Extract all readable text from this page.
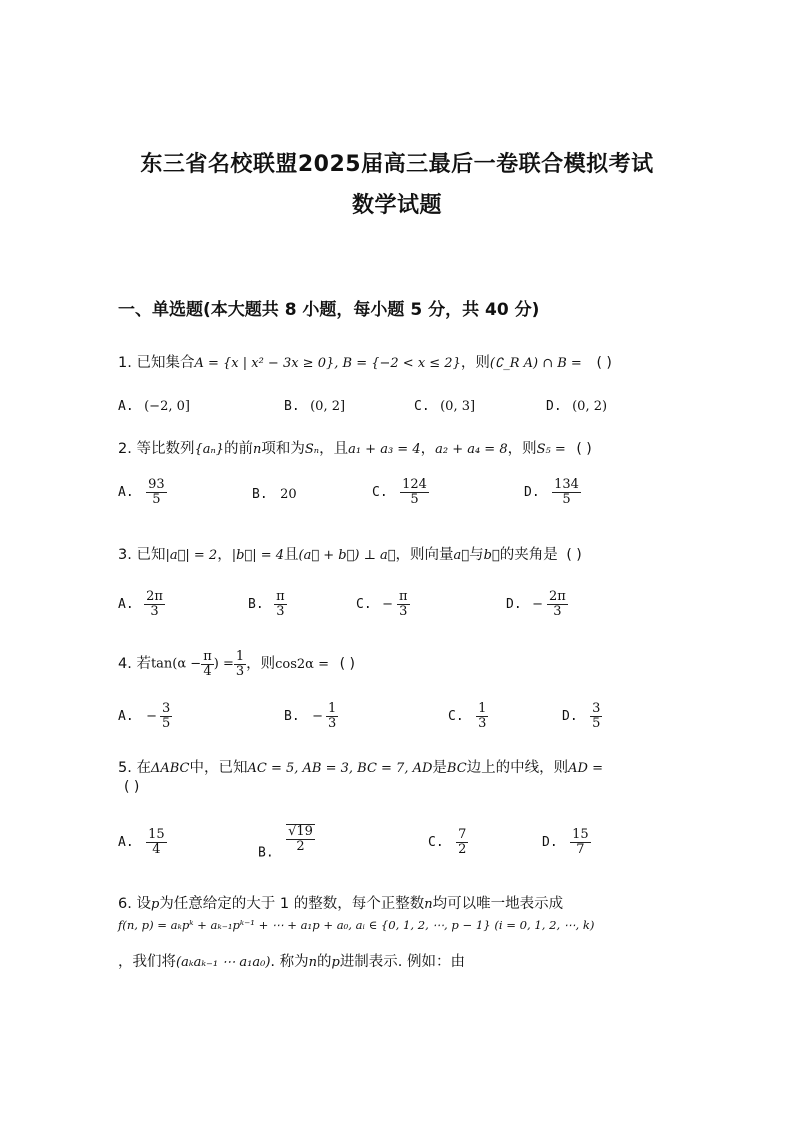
东三省名校联盟2025届高三最后一卷联合模拟考试
数学试题
一、单选题(本大题共 8 小题，每小题 5 分，共 40 分)
1. 已知集合A = {x | x² − 3x ≥ 0}, B = {−2 < x ≤ 2}，则(∁_R A) ∩ B = ( )
A. (−2, 0]	B. (0, 2]	C. (0, 3]	D. (0, 2)
2. 等比数列{aₙ}的前n项和为Sₙ，且a₁ + a₃ = 4，a₂ + a₄ = 8，则S₅ = ( )
A. $\frac{93}{5}$	B. 20	C. $\frac{124}{5}$	D. $\frac{134}{5}$
3. 已知|a⃗| = 2，|b⃗| = 4且(a⃗ + b⃗) ⊥ a⃗，则向量a⃗与b⃗的夹角是 ( )
A. $\frac{2\pi}{3}$	B. $\frac{\pi}{3}$	C. − $\frac{\pi}{3}$	D. − $\frac{2\pi}{3}$
4. 若$\tan(\alpha - \frac{\pi}{4}$ ) = $\frac{1}{3}$ ，则cos2α = ( )
A. − $\frac{3}{5}$	B. − $\frac{1}{3}$	C. $\frac{1}{3}$	D. $\frac{3}{5}$
5. 在ΔABC中，已知AC = 5, AB = 3, BC = 7, AD是BC边上的中线，则AD =
( )
A. $\frac{15}{4}$	B. $\frac{√19}{2}$	C. $\frac{7}{2}$	D. $\frac{15}{7}$
6. 设p为任意给定的大于 1 的整数，每个正整数n均可以唯一地表示成
f(n, p) = aₖpᵏ + aₖ₋₁pᵏ⁻¹ + ⋯ + a₁p + a₀, aᵢ ∈ {0, 1, 2, ⋯, p − 1} (i = 0, 1, 2, ⋯, k)
，我们将(aₖaₖ₋₁ ⋯ a₁a₀). 称为n的p进制表示. 例如：由
